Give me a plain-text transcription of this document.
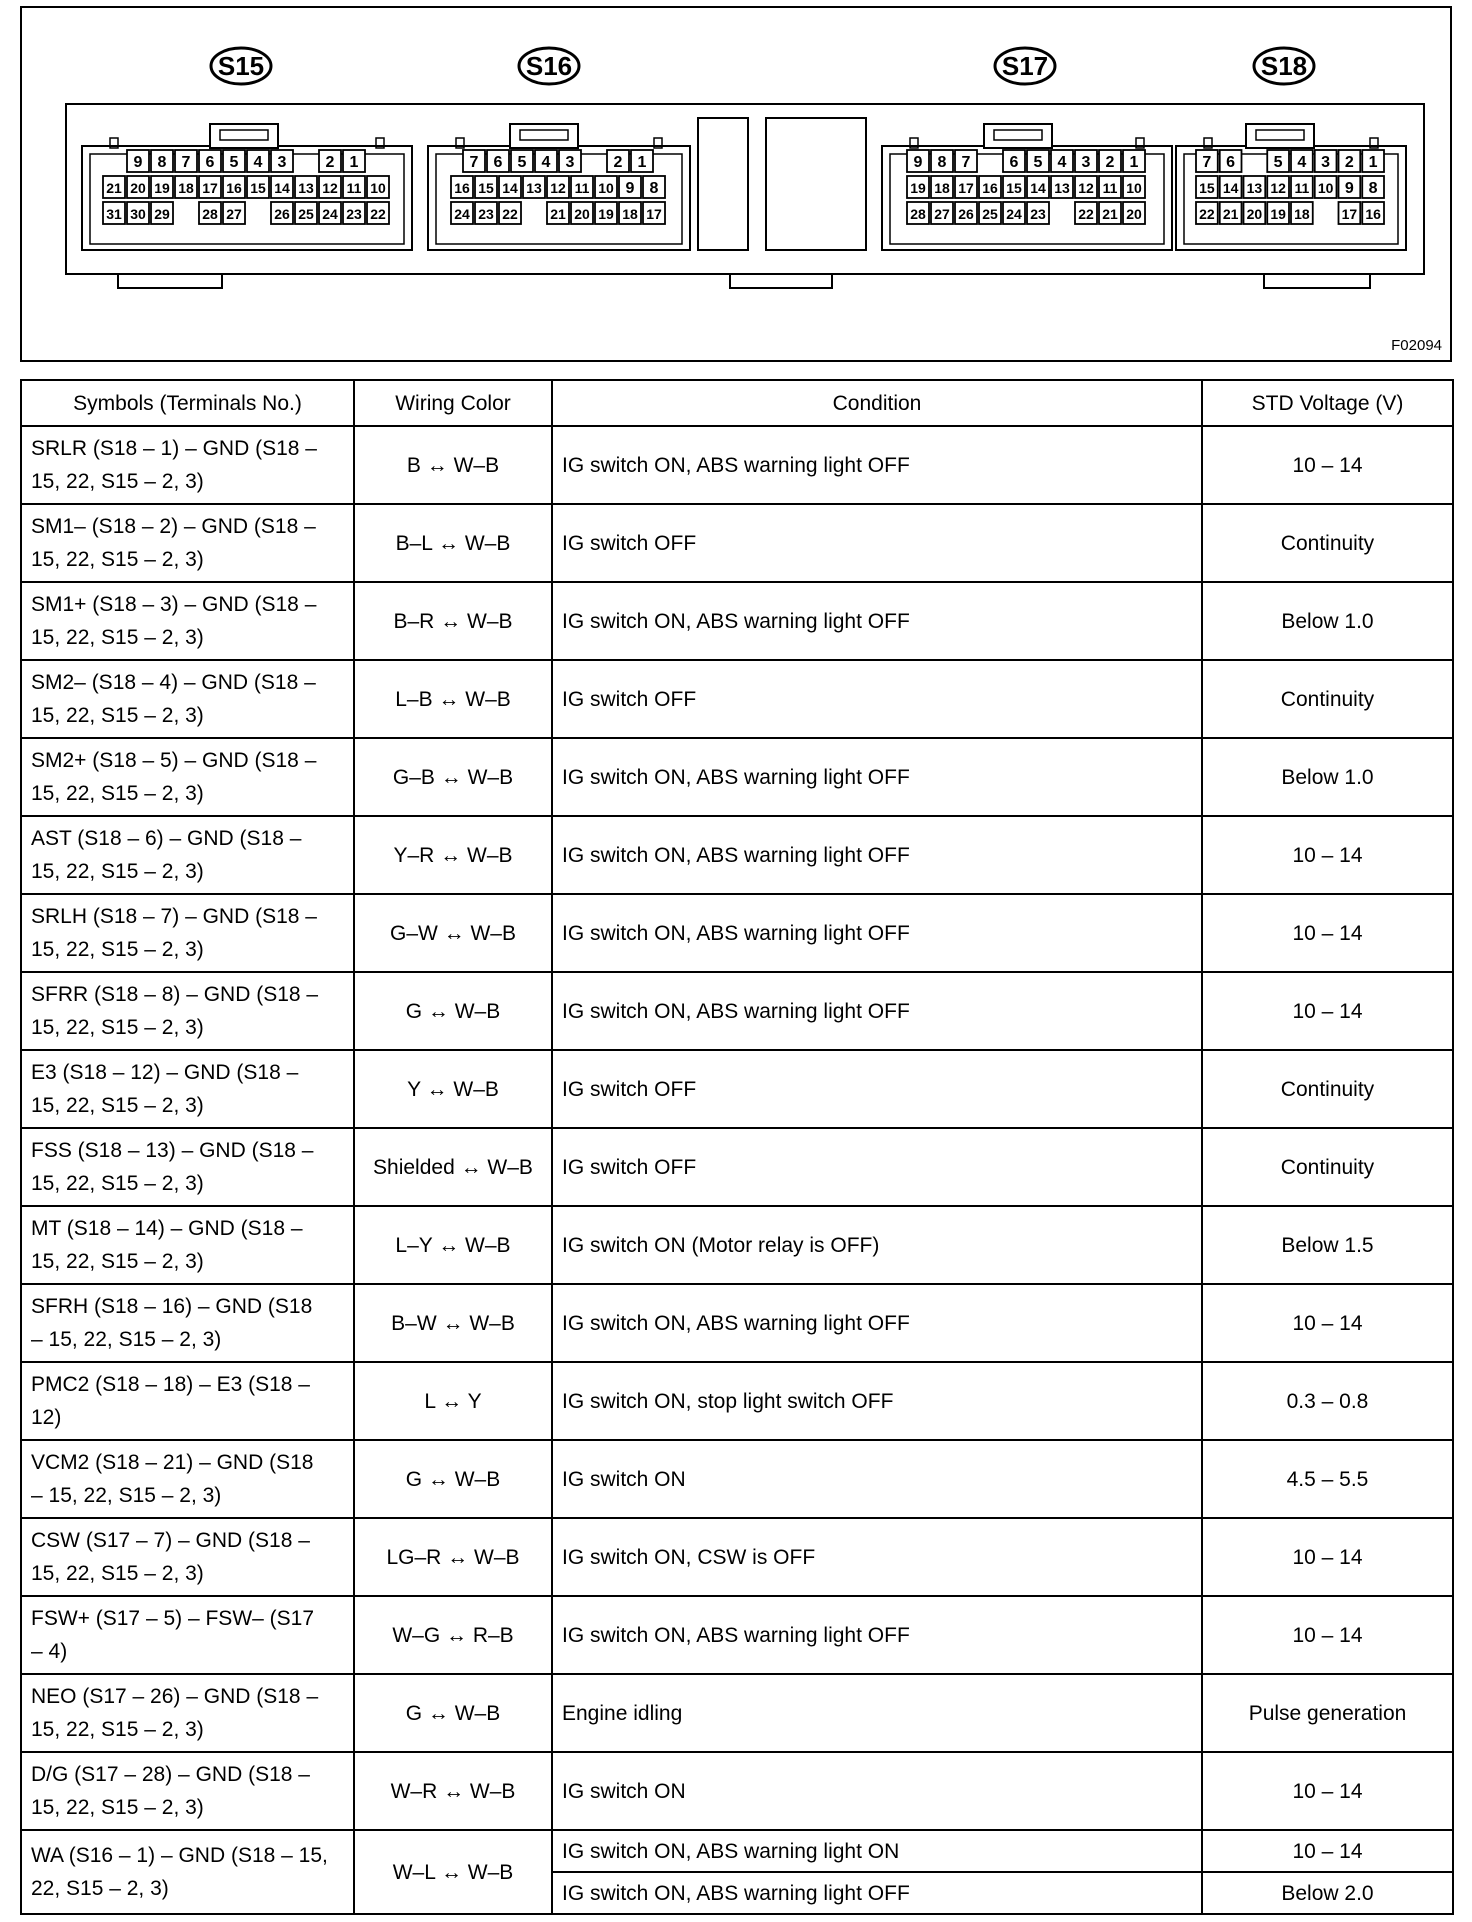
S15
9 8 7 6 5 4 3 2 1
21 20 19 18 17 16 15 14 13 12 11 10
31 30 29 28 27 26 25 24 23 22
S16
7 6 5 4 3 2 1
16 15 14 13 12 11 10 9 8
24 23 22 21 20 19 18 17
S17
9 8 7 6 5 4 3 2 1
19 18 17 16 15 14 13 12 11 10
28 27 26 25 24 23 22 21 20
S18
7 6 5 4 3 2 1
15 14 13 12 11 10 9 8
22 21 20 19 18 17 16
F02094
Symbols (Terminals No.)	Wiring Color	Condition	STD Voltage (V)

SRLR (S18 – 1) – GND (S18 –
15, 22, S15 – 2, 3)	B ↔ W–B	IG switch ON, ABS warning light OFF	10 – 14

SM1– (S18 – 2) – GND (S18 –
15, 22, S15 – 2, 3)	B–L ↔ W–B	IG switch OFF	Continuity

SM1+ (S18 – 3) – GND (S18 –
15, 22, S15 – 2, 3)	B–R ↔ W–B	IG switch ON, ABS warning light OFF	Below 1.0

SM2– (S18 – 4) – GND (S18 –
15, 22, S15 – 2, 3)	L–B ↔ W–B	IG switch OFF	Continuity

SM2+ (S18 – 5) – GND (S18 –
15, 22, S15 – 2, 3)	G–B ↔ W–B	IG switch ON, ABS warning light OFF	Below 1.0

AST (S18 – 6) – GND (S18 –
15, 22, S15 – 2, 3)	Y–R ↔ W–B	IG switch ON, ABS warning light OFF	10 – 14

SRLH (S18 – 7) – GND (S18 –
15, 22, S15 – 2, 3)	G–W ↔ W–B	IG switch ON, ABS warning light OFF	10 – 14

SFRR (S18 – 8) – GND (S18 –
15, 22, S15 – 2, 3)	G ↔ W–B	IG switch ON, ABS warning light OFF	10 – 14

E3 (S18 – 12) – GND (S18 –
15, 22, S15 – 2, 3)	Y ↔ W–B	IG switch OFF	Continuity

FSS (S18 – 13) – GND (S18 –
15, 22, S15 – 2, 3)	Shielded ↔ W–B	IG switch OFF	Continuity

MT (S18 – 14) – GND (S18 –
15, 22, S15 – 2, 3)	L–Y ↔ W–B	IG switch ON (Motor relay is OFF)	Below 1.5

SFRH (S18 – 16) – GND (S18
– 15, 22, S15 – 2, 3)	B–W ↔ W–B	IG switch ON, ABS warning light OFF	10 – 14

PMC2 (S18 – 18) – E3 (S18 –
12)	L ↔ Y	IG switch ON, stop light switch OFF	0.3 – 0.8

VCM2 (S18 – 21) – GND (S18
– 15, 22, S15 – 2, 3)	G ↔ W–B	IG switch ON	4.5 – 5.5

CSW (S17 – 7) – GND (S18 –
15, 22, S15 – 2, 3)	LG–R ↔ W–B	IG switch ON, CSW is OFF	10 – 14

FSW+ (S17 – 5) – FSW– (S17
– 4)	W–G ↔ R–B	IG switch ON, ABS warning light OFF	10 – 14

NEO (S17 – 26) – GND (S18 –
15, 22, S15 – 2, 3)	G ↔ W–B	Engine idling	Pulse generation

D/G (S17 – 28) – GND (S18 –
15, 22, S15 – 2, 3)	W–R ↔ W–B	IG switch ON	10 – 14

WA (S16 – 1) – GND (S18 – 15,
22, S15 – 2, 3)	W–L ↔ W–B	IG switch ON, ABS warning light ON	10 – 14
		IG switch ON, ABS warning light OFF	Below 2.0
